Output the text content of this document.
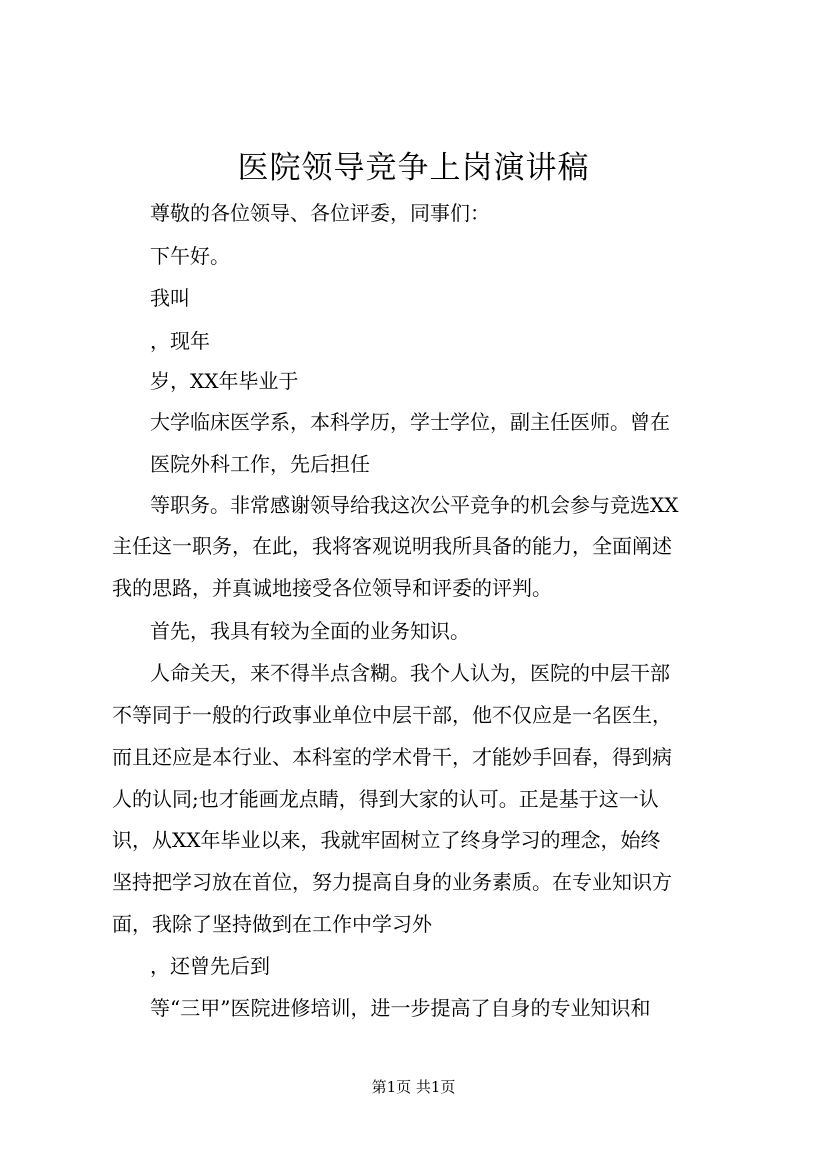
医院领导竞争上岗演讲稿
尊敬的各位领导、各位评委，同事们：
下午好。
我叫
，现年
岁，XX年毕业于
大学临床医学系，本科学历，学士学位，副主任医师。曾在
医院外科工作，先后担任
等职务。非常感谢领导给我这次公平竞争的机会参与竞选XX
主任这一职务，在此，我将客观说明我所具备的能力，全面阐述
我的思路，并真诚地接受各位领导和评委的评判。
首先，我具有较为全面的业务知识。
人命关天，来不得半点含糊。我个人认为，医院的中层干部
不等同于一般的行政事业单位中层干部，他不仅应是一名医生，
而且还应是本行业、本科室的学术骨干，才能妙手回春，得到病
人的认同;也才能画龙点睛，得到大家的认可。正是基于这一认
识，从XX年毕业以来，我就牢固树立了终身学习的理念，始终
坚持把学习放在首位，努力提高自身的业务素质。在专业知识方
面，我除了坚持做到在工作中学习外
，还曾先后到
等“三甲”医院进修培训，进一步提高了自身的专业知识和
第1页 共1页
